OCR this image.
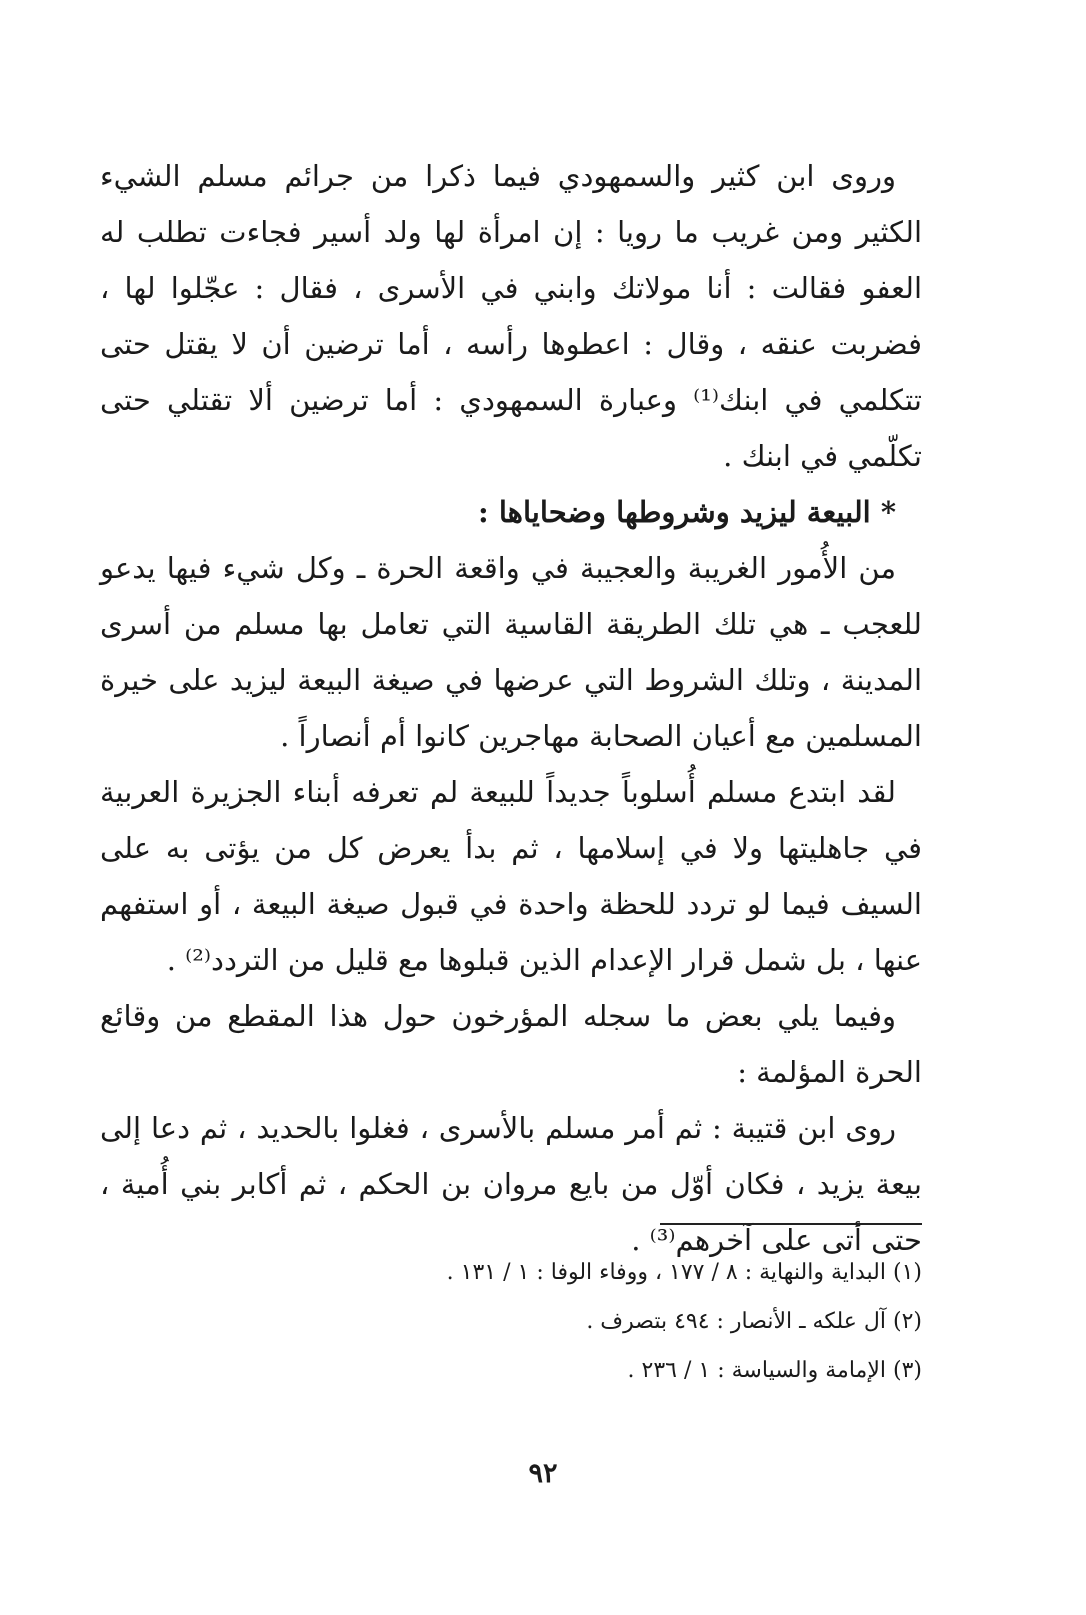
وروى ابن كثير والسمهودي فيما ذكرا من جرائم مسلم الشيء الكثير ومن غريب ما رويا : إن امرأة لها ولد أسير فجاءت تطلب له العفو فقالت : أنا مولاتك وابني في الأسرى ، فقال : عجّلوا لها ، فضربت عنقه ، وقال : اعطوها رأسه ، أما ترضين أن لا يقتل حتى تتكلمي في ابنك⁽¹⁾ وعبارة السمهودي : أما ترضين ألا تقتلي حتى تكلّمي في ابنك .

* البيعة ليزيد وشروطها وضحاياها :

من الأُمور الغريبة والعجيبة في واقعة الحرة ـ وكل شيء فيها يدعو للعجب ـ هي تلك الطريقة القاسية التي تعامل بها مسلم من أسرى المدينة ، وتلك الشروط التي عرضها في صيغة البيعة ليزيد على خيرة المسلمين مع أعيان الصحابة مهاجرين كانوا أم أنصاراً .

لقد ابتدع مسلم أُسلوباً جديداً للبيعة لم تعرفه أبناء الجزيرة العربية في جاهليتها ولا في إسلامها ، ثم بدأ يعرض كل من يؤتى به على السيف فيما لو تردد للحظة واحدة في قبول صيغة البيعة ، أو استفهم عنها ، بل شمل قرار الإعدام الذين قبلوها مع قليل من التردد⁽²⁾ .

وفيما يلي بعض ما سجله المؤرخون حول هذا المقطع من وقائع الحرة المؤلمة :

روى ابن قتيبة : ثم أمر مسلم بالأسرى ، فغلوا بالحديد ، ثم دعا إلى بيعة يزيد ، فكان أوّل من بايع مروان بن الحكم ، ثم أكابر بني أُمية ، حتى أتى على آخرهم⁽³⁾ .

(١) البداية والنهاية : ٨ / ١٧٧ ، ووفاء الوفا : ١ / ١٣١ .

(٢) آل علكه ـ الأنصار : ٤٩٤ بتصرف .

(٣) الإمامة والسياسة : ١ / ٢٣٦ .

٩٢
